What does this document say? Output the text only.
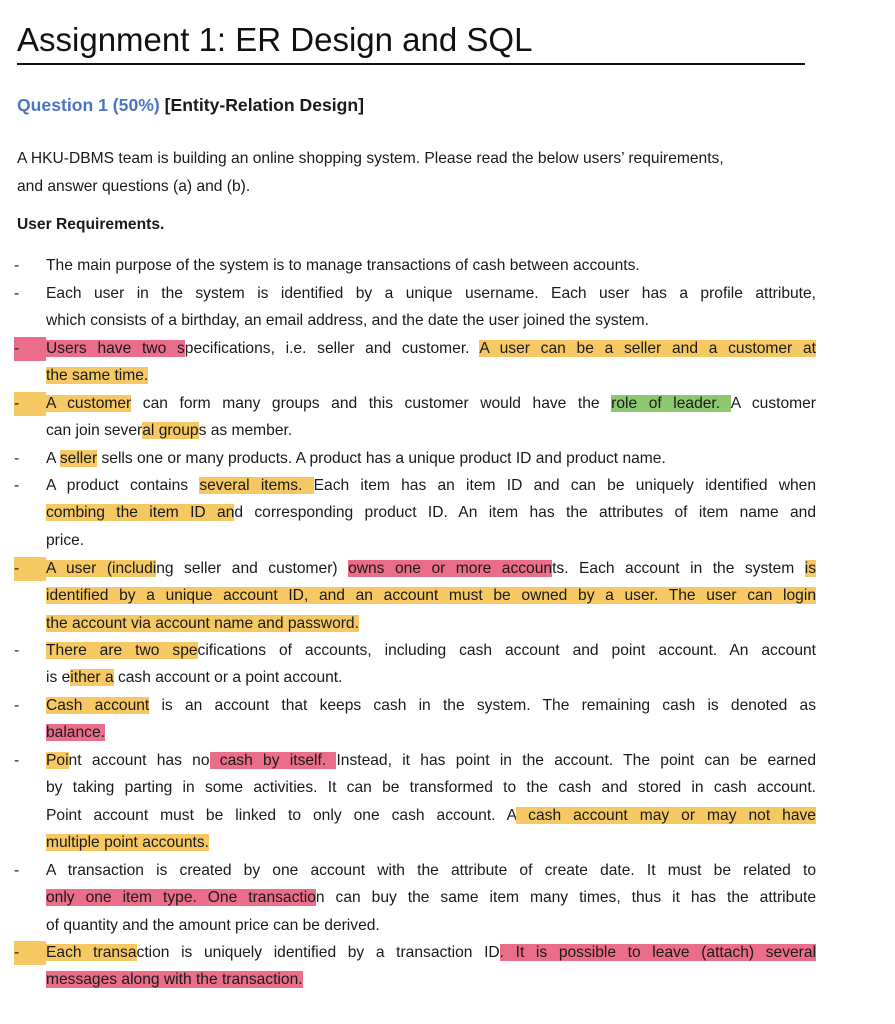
Assignment 1: ER Design and SQL
Question 1 (50%) [Entity-Relation Design]
A HKU-DBMS team is building an online shopping system. Please read the below users’ requirements,
and answer questions (a) and (b).
User Requirements.
- The main purpose of the system is to manage transactions of cash between accounts.
- Each user in the system is identified by a unique username. Each user has a profile attribute,
which consists of a birthday, an email address, and the date the user joined the system.
- Users have two specifications, i.e. seller and customer. A user can be a seller and a customer at
the same time.
- A customer can form many groups and this customer would have the role of leader. A customer
can join several groups as member.
- A seller sells one or many products. A product has a unique product ID and product name.
- A product contains several items. Each item has an item ID and can be uniquely identified when
combing the item ID and corresponding product ID. An item has the attributes of item name and
price.
- A user (including seller and customer) owns one or more accounts. Each account in the system is
identified by a unique account ID, and an account must be owned by a user. The user can login
the account via account name and password.
- There are two specifications of accounts, including cash account and point account. An account
is either a cash account or a point account.
- Cash account is an account that keeps cash in the system. The remaining cash is denoted as
balance.
- Point account has no cash by itself. Instead, it has point in the account. The point can be earned
by taking parting in some activities. It can be transformed to the cash and stored in cash account.
Point account must be linked to only one cash account. A cash account may or may not have
multiple point accounts.
- A transaction is created by one account with the attribute of create date. It must be related to
only one item type. One transaction can buy the same item many times, thus it has the attribute
of quantity and the amount price can be derived.
- Each transaction is uniquely identified by a transaction ID. It is possible to leave (attach) several
messages along with the transaction.
